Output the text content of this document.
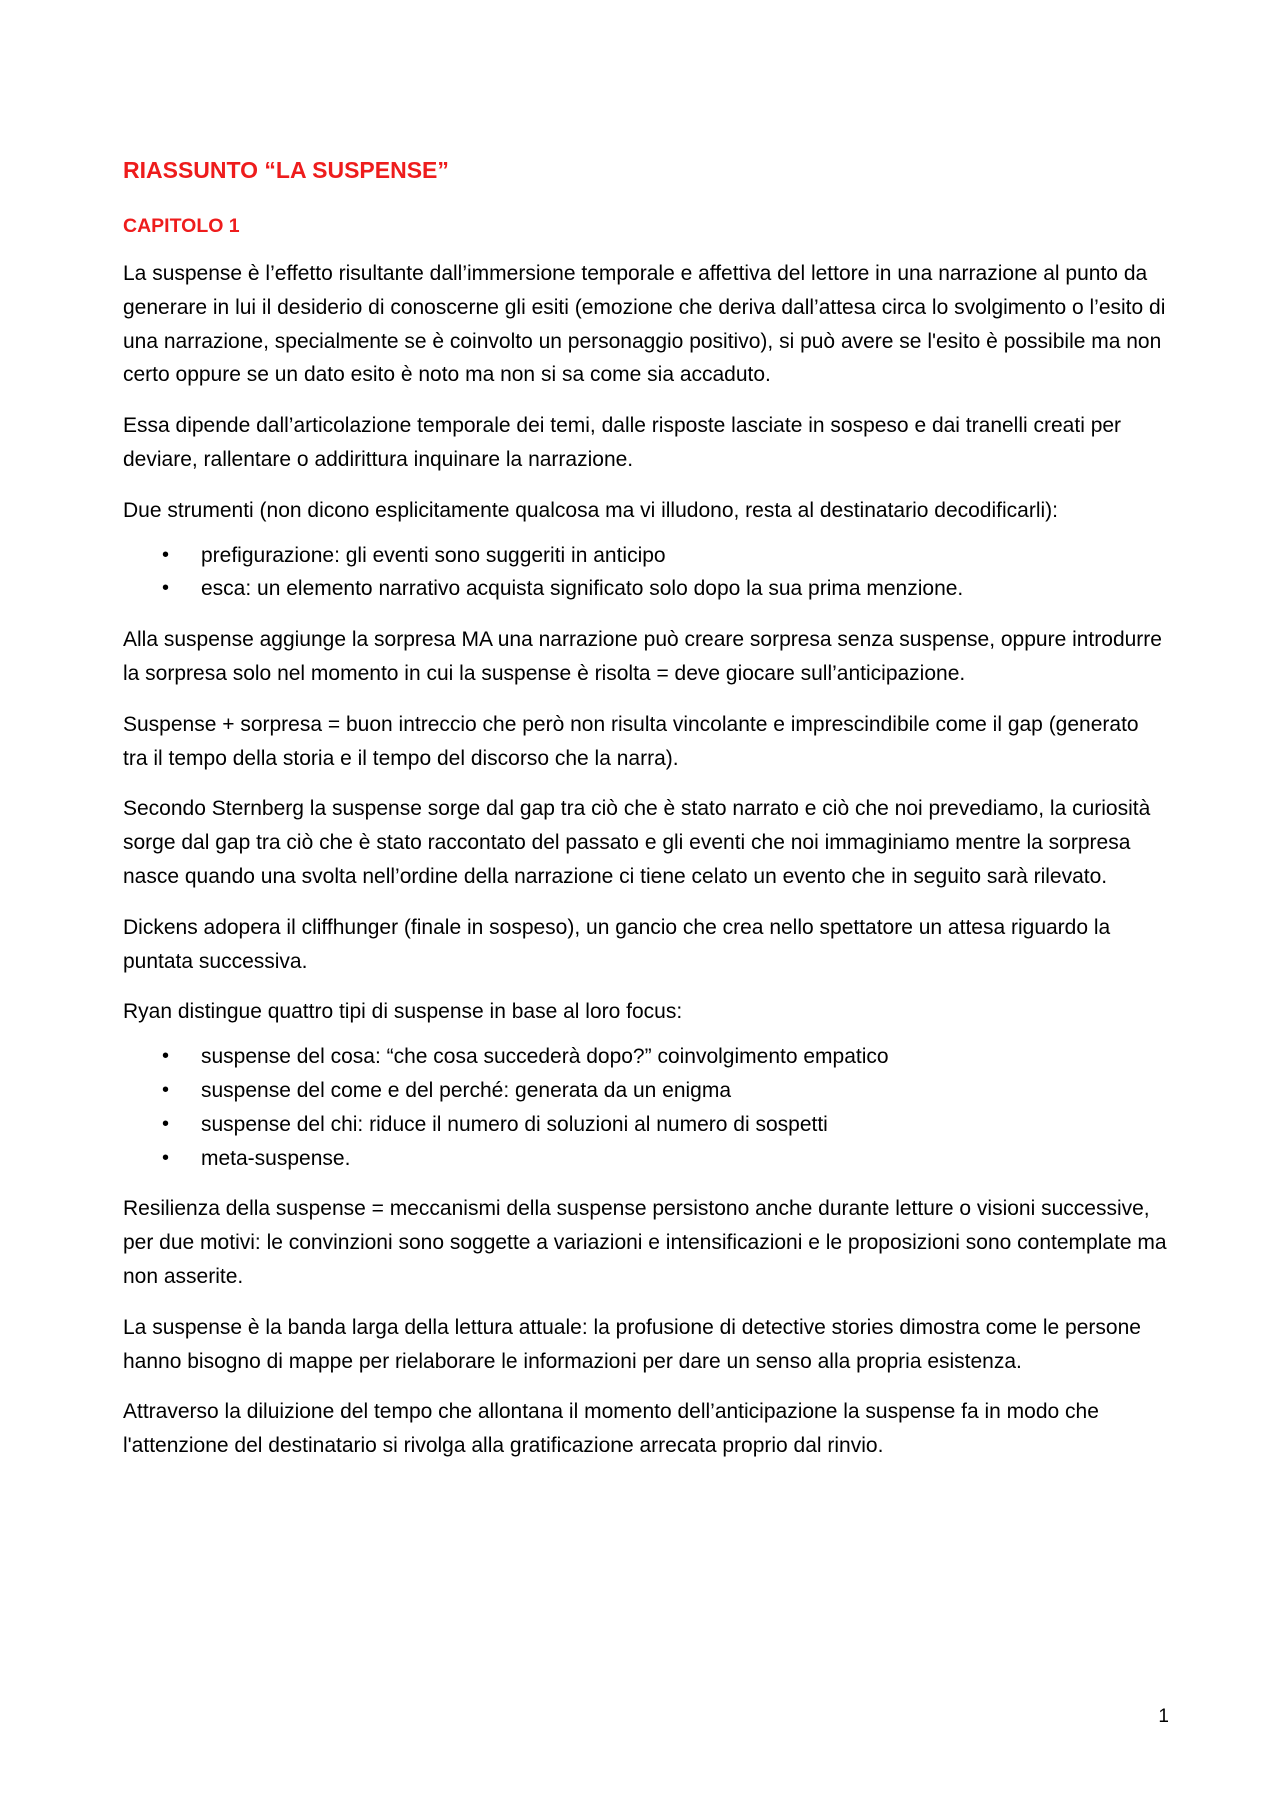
RIASSUNTO “LA SUSPENSE”
CAPITOLO 1

La suspense è l’effetto risultante dall’immersione temporale e affettiva del lettore in una narrazione al punto da generare in lui il desiderio di conoscerne gli esiti (emozione che deriva dall’attesa circa lo svolgimento o l’esito di una narrazione, specialmente se è coinvolto un personaggio positivo), si può avere se l'esito è possibile ma non certo oppure se un dato esito è noto ma non si sa come sia accaduto.

Essa dipende dall’articolazione temporale dei temi, dalle risposte lasciate in sospeso e dai tranelli creati per deviare, rallentare o addirittura inquinare la narrazione.

Due strumenti (non dicono esplicitamente qualcosa ma vi illudono, resta al destinatario decodificarli):

• prefigurazione: gli eventi sono suggeriti in anticipo
• esca: un elemento narrativo acquista significato solo dopo la sua prima menzione.

Alla suspense aggiunge la sorpresa MA una narrazione può creare sorpresa senza suspense, oppure introdurre la sorpresa solo nel momento in cui la suspense è risolta = deve giocare sull’anticipazione.

Suspense + sorpresa = buon intreccio che però non risulta vincolante e imprescindibile come il gap (generato tra il tempo della storia e il tempo del discorso che la narra).

Secondo Sternberg la suspense sorge dal gap tra ciò che è stato narrato e ciò che noi prevediamo, la curiosità sorge dal gap tra ciò che è stato raccontato del passato e gli eventi che noi immaginiamo mentre la sorpresa nasce quando una svolta nell’ordine della narrazione ci tiene celato un evento che in seguito sarà rilevato.

Dickens adopera il cliffhunger (finale in sospeso), un gancio che crea nello spettatore un attesa riguardo la puntata successiva.

Ryan distingue quattro tipi di suspense in base al loro focus:

• suspense del cosa: “che cosa succederà dopo?” coinvolgimento empatico
• suspense del come e del perché: generata da un enigma
• suspense del chi: riduce il numero di soluzioni al numero di sospetti
• meta-suspense.

Resilienza della suspense = meccanismi della suspense persistono anche durante letture o visioni successive, per due motivi: le convinzioni sono soggette a variazioni e intensificazioni e le proposizioni sono contemplate ma non asserite.

La suspense è la banda larga della lettura attuale: la profusione di detective stories dimostra come le persone hanno bisogno di mappe per rielaborare le informazioni per dare un senso alla propria esistenza.

Attraverso la diluizione del tempo che allontana il momento dell’anticipazione la suspense fa in modo che l'attenzione del destinatario si rivolga alla gratificazione arrecata proprio dal rinvio.

1
